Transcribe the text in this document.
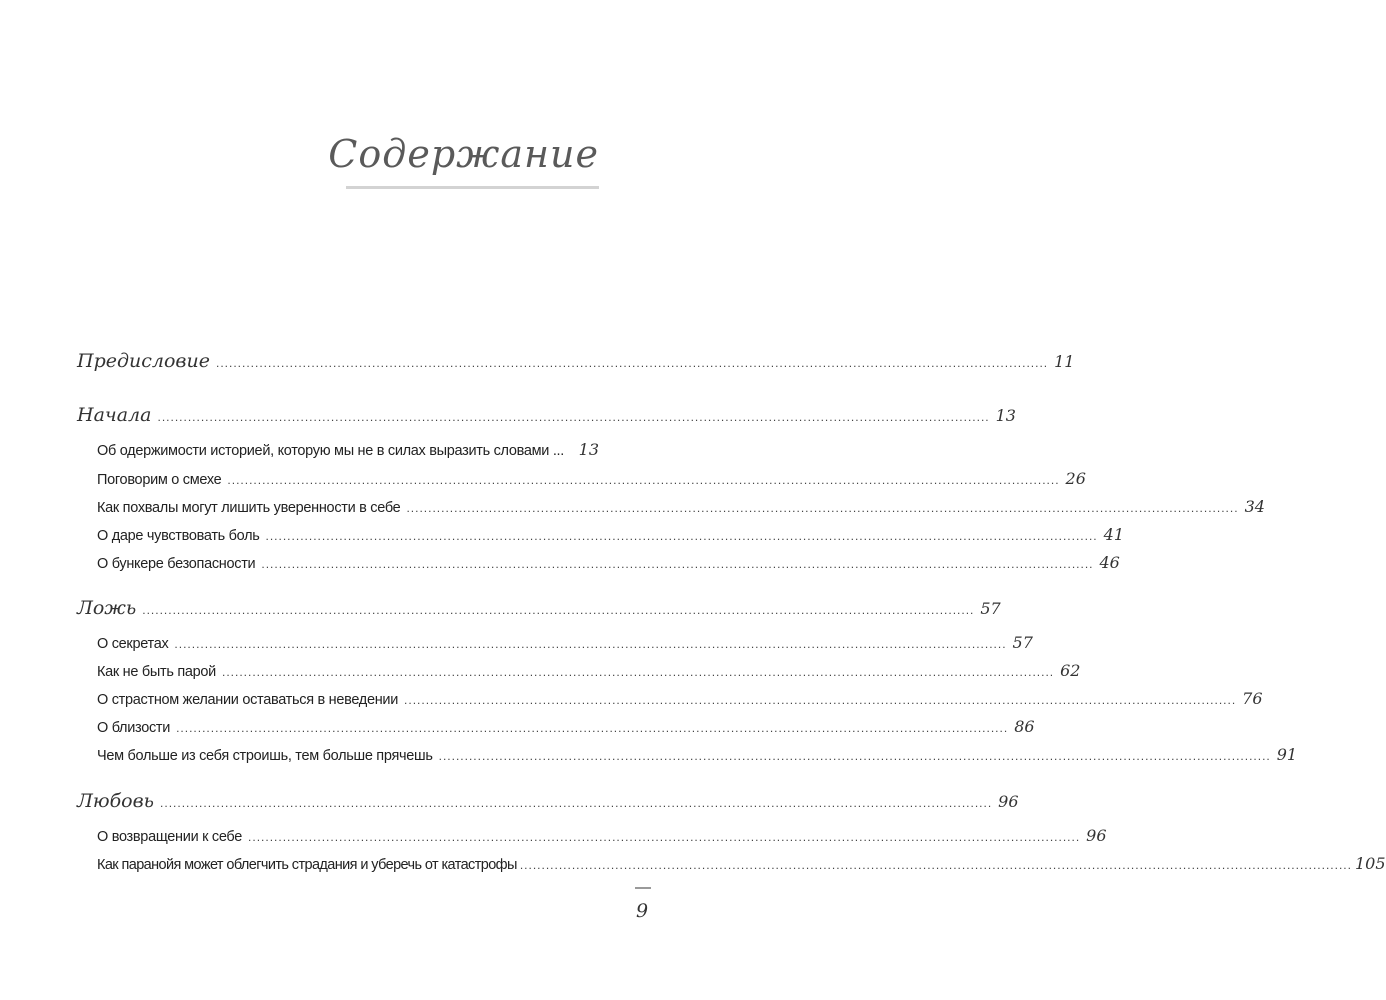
Содержание
Предисловие ................................................................................................................................................................................................ 11
Начала ................................................................................................................................................................................................ 13
Об одержимости историей, которую мы не в силах выразить словами ... 13
Поговорим о смехе ................................................................................................................................................................................................ 26
Как похвалы могут лишить уверенности в себе ................................................................................................................................................................................................ 34
О даре чувствовать боль ................................................................................................................................................................................................ 41
О бункере безопасности ................................................................................................................................................................................................ 46
Ложь ................................................................................................................................................................................................ 57
О секретах ................................................................................................................................................................................................ 57
Как не быть парой ................................................................................................................................................................................................ 62
О страстном желании оставаться в неведении ................................................................................................................................................................................................ 76
О близости ................................................................................................................................................................................................ 86
Чем больше из себя строишь, тем больше прячешь ................................................................................................................................................................................................ 91
Любовь ................................................................................................................................................................................................ 96
О возвращении к себе ................................................................................................................................................................................................ 96
Как паранойя может облегчить страдания и уберечь от катастрофы ................................................................................................................................................................................................ 105
9
